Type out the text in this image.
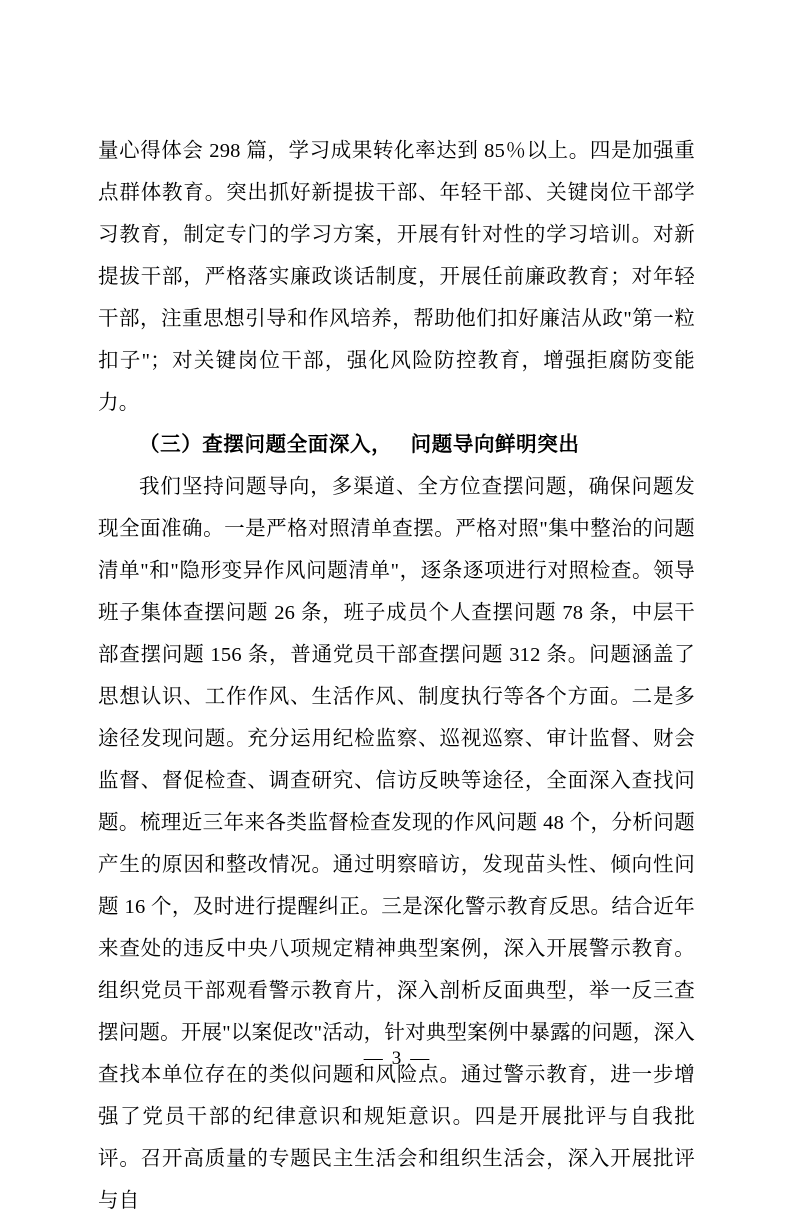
量心得体会 298 篇，学习成果转化率达到 85％以上。四是加强重点群体教育。突出抓好新提拔干部、年轻干部、关键岗位干部学习教育，制定专门的学习方案，开展有针对性的学习培训。对新提拔干部，严格落实廉政谈话制度，开展任前廉政教育；对年轻干部，注重思想引导和作风培养，帮助他们扣好廉洁从政"第一粒扣子"；对关键岗位干部，强化风险防控教育，增强拒腐防变能力。

（三）查摆问题全面深入， 问题导向鲜明突出

我们坚持问题导向，多渠道、全方位查摆问题，确保问题发现全面准确。一是严格对照清单查摆。严格对照"集中整治的问题清单"和"隐形变异作风问题清单"，逐条逐项进行对照检查。领导班子集体查摆问题 26 条，班子成员个人查摆问题 78 条，中层干部查摆问题 156 条，普通党员干部查摆问题 312 条。问题涵盖了思想认识、工作作风、生活作风、制度执行等各个方面。二是多途径发现问题。充分运用纪检监察、巡视巡察、审计监督、财会监督、督促检查、调查研究、信访反映等途径，全面深入查找问题。梳理近三年来各类监督检查发现的作风问题 48 个，分析问题产生的原因和整改情况。通过明察暗访，发现苗头性、倾向性问题 16 个，及时进行提醒纠正。三是深化警示教育反思。结合近年来查处的违反中央八项规定精神典型案例，深入开展警示教育。组织党员干部观看警示教育片，深入剖析反面典型，举一反三查摆问题。开展"以案促改"活动，针对典型案例中暴露的问题，深入查找本单位存在的类似问题和风险点。通过警示教育，进一步增强了党员干部的纪律意识和规矩意识。四是开展批评与自我批评。召开高质量的专题民主生活会和组织生活会，深入开展批评与自

— 3 —
